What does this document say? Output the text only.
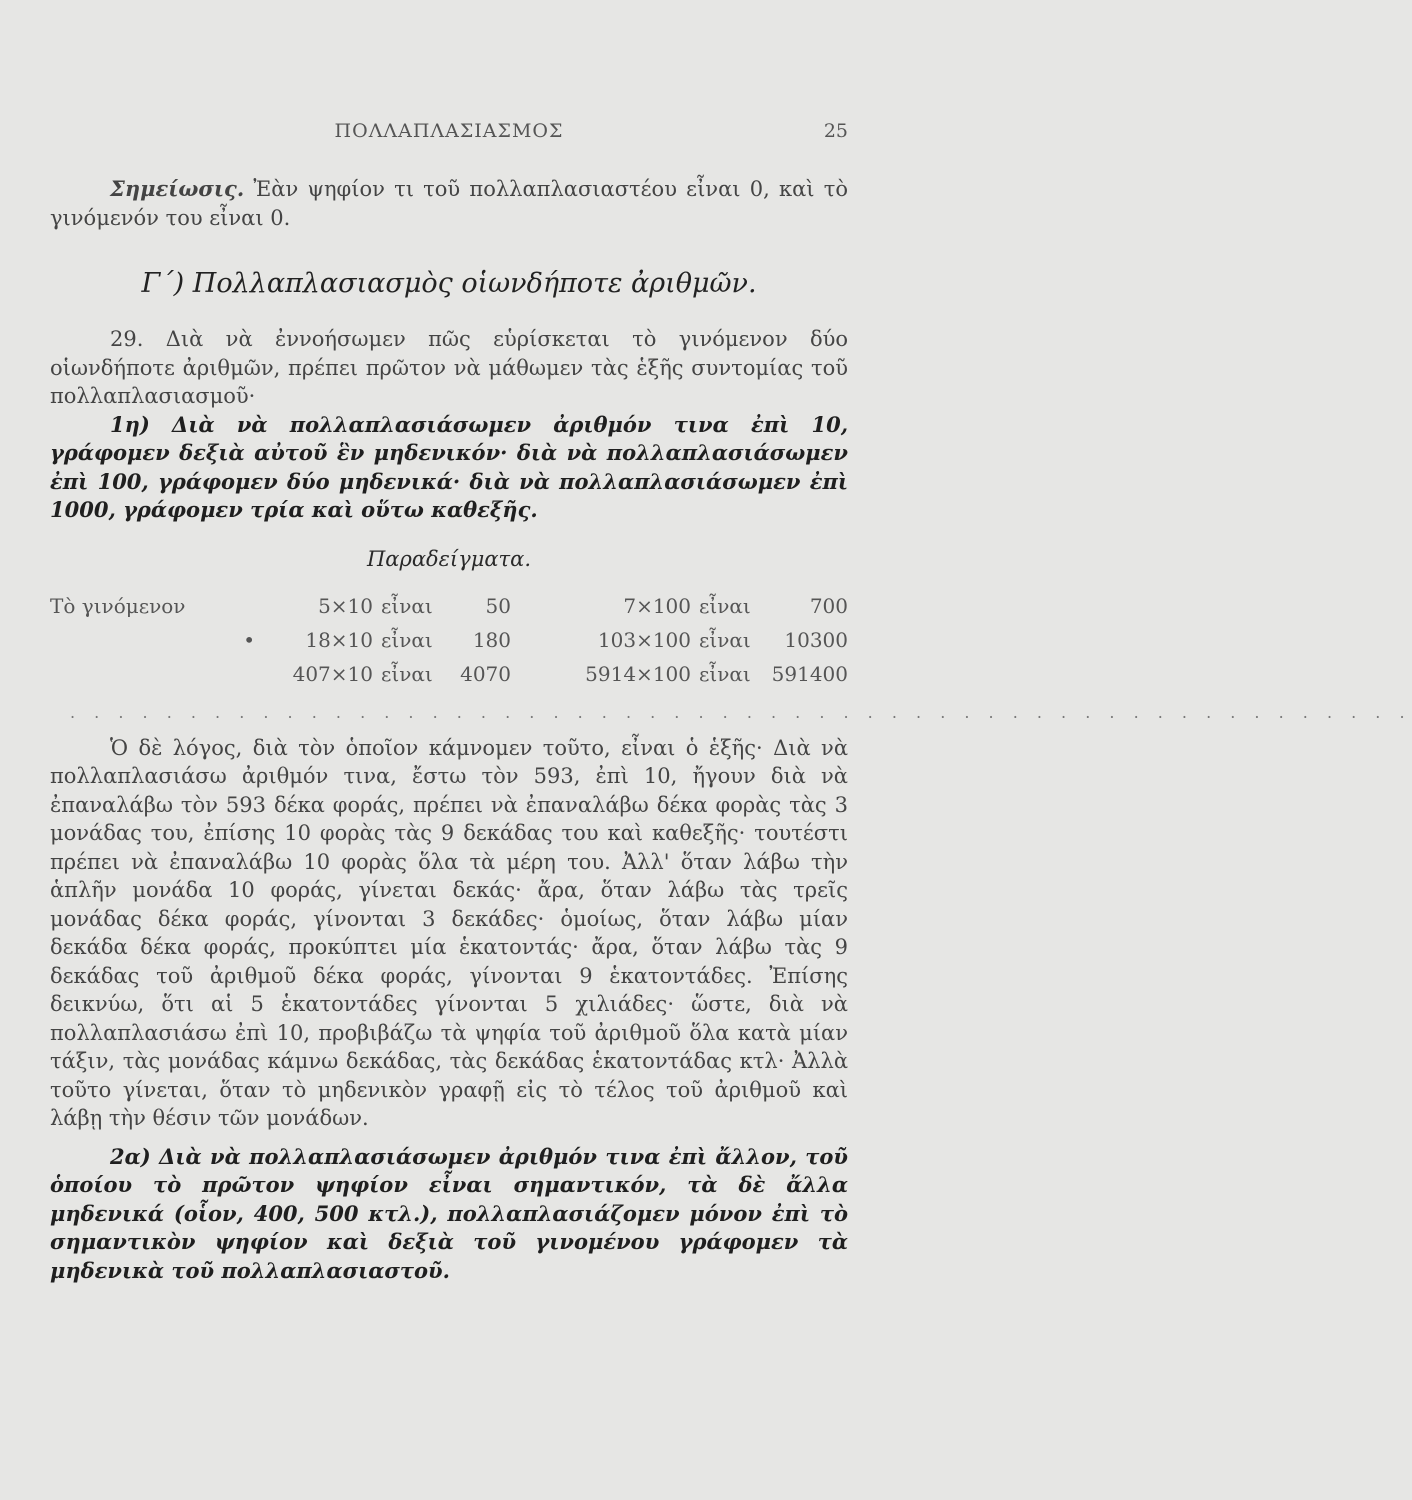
ΠΟΛΛΑΠΛΑΣΙΑΣΜΟΣ	25

Σημείωσις. Ἐὰν ψηφίον τι τοῦ πολλαπλασιαστέου εἶναι 0, καὶ τὸ γινόμενόν του εἶναι 0.

Γ΄) Πολλαπλασιασμὸς οἱωνδήποτε ἀριθμῶν.

29. Διὰ νὰ ἐννοήσωμεν πῶς εὑρίσκεται τὸ γινόμενον δύο οἱωνδήποτε ἀριθμῶν, πρέπει πρῶτον νὰ μάθωμεν τὰς ἑξῆς συντομίας τοῦ πολλαπλασιασμοῦ·

1η) Διὰ νὰ πολλαπλασιάσωμεν ἀριθμόν τινα ἐπὶ 10, γράφομεν δεξιὰ αὐτοῦ ἓν μηδενικόν· διὰ νὰ πολλαπλασιάσωμεν ἐπὶ 100, γράφομεν δύο μηδενικά· διὰ νὰ πολλαπλασιάσωμεν ἐπὶ 1000, γράφομεν τρία καὶ οὕτω καθεξῆς.

Παραδείγματα.
Τὸ γινόμενον	5×10	εἶναι	50	7×100	εἶναι	700
•	18×10	εἶναι	180	103×100	εἶναι	10300
	407×10	εἶναι	4070	5914×100	εἶναι	591400
. . . . . . . . . . . . . . . . . . . . . . . . . . . . . . . . . . . . . . . . . . . . . . . . . . . . . . . .

Ὁ δὲ λόγος, διὰ τὸν ὁποῖον κάμνομεν τοῦτο, εἶναι ὁ ἑξῆς· Διὰ νὰ πολλαπλασιάσω ἀριθμόν τινα, ἔστω τὸν 593, ἐπὶ 10, ἤγουν διὰ νὰ ἐπαναλάβω τὸν 593 δέκα φοράς, πρέπει νὰ ἐπαναλάβω δέκα φορὰς τὰς 3 μονάδας του, ἐπίσης 10 φορὰς τὰς 9 δεκάδας του καὶ καθεξῆς· τουτέστι πρέπει νὰ ἐπαναλάβω 10 φορὰς ὅλα τὰ μέρη του. Ἀλλ' ὅταν λάβω τὴν ἁπλῆν μονάδα 10 φοράς, γίνεται δεκάς· ἄρα, ὅταν λάβω τὰς τρεῖς μονάδας δέκα φοράς, γίνονται 3 δεκάδες· ὁμοίως, ὅταν λάβω μίαν δεκάδα δέκα φοράς, προκύπτει μία ἑκατοντάς· ἄρα, ὅταν λάβω τὰς 9 δεκάδας τοῦ ἀριθμοῦ δέκα φοράς, γίνονται 9 ἑκατοντάδες. Ἐπίσης δεικνύω, ὅτι αἱ 5 ἑκατοντάδες γίνονται 5 χιλιάδες· ὥστε, διὰ νὰ πολλαπλασιάσω ἐπὶ 10, προβιβάζω τὰ ψηφία τοῦ ἀριθμοῦ ὅλα κατὰ μίαν τάξιν, τὰς μονάδας κάμνω δεκάδας, τὰς δεκάδας ἑκατοντάδας κτλ· Ἀλλὰ τοῦτο γίνεται, ὅταν τὸ μηδενικὸν γραφῇ εἰς τὸ τέλος τοῦ ἀριθμοῦ καὶ λάβῃ τὴν θέσιν τῶν μονάδων.

2α) Διὰ νὰ πολλαπλασιάσωμεν ἀριθμόν τινα ἐπὶ ἄλλον, τοῦ ὁποίου τὸ πρῶτον ψηφίον εἶναι σημαντικόν, τὰ δὲ ἄλλα μηδενικά (οἷον, 400, 500 κτλ.), πολλαπλασιάζομεν μόνον ἐπὶ τὸ σημαντικὸν ψηφίον καὶ δεξιὰ τοῦ γινομένου γράφομεν τὰ μηδενικὰ τοῦ πολλαπλασιαστοῦ.
